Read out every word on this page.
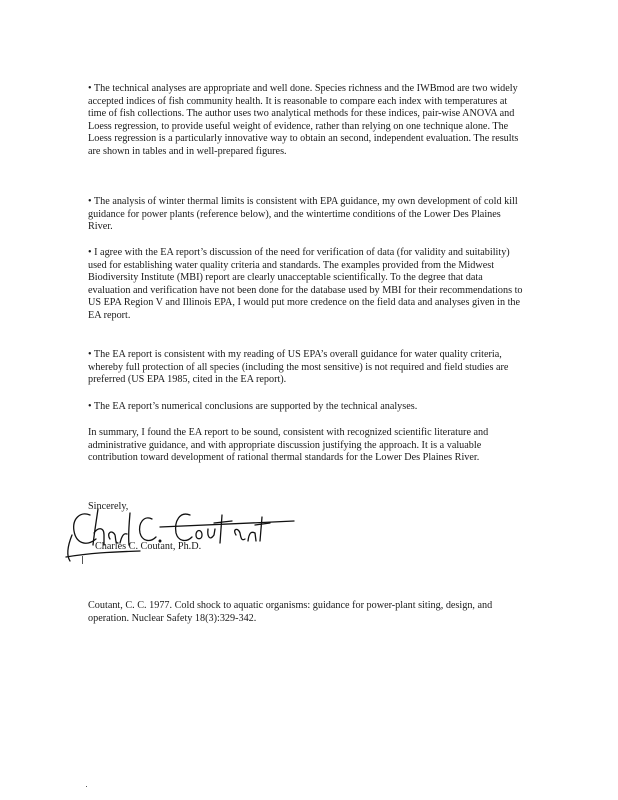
• The technical analyses are appropriate and well done. Species richness and the IWBmod are two widely accepted indices of fish community health. It is reasonable to compare each index with temperatures at time of fish collections. The author uses two analytical methods for these indices, pair-wise ANOVA and Loess regression, to provide useful weight of evidence, rather than relying on one technique alone. The Loess regression is a particularly innovative way to obtain an second, independent evaluation. The results are shown in tables and in well-prepared figures.

• The analysis of winter thermal limits is consistent with EPA guidance, my own development of cold kill guidance for power plants (reference below), and the wintertime conditions of the Lower Des Plaines River.

• I agree with the EA report’s discussion of the need for verification of data (for validity and suitability) used for establishing water quality criteria and standards. The examples provided from the Midwest Biodiversity Institute (MBI) report are clearly unacceptable scientifically. To the degree that data evaluation and verification have not been done for the database used by MBI for their recommendations to US EPA Region V and Illinois EPA, I would put more credence on the field data and analyses given in the EA report.

• The EA report is consistent with my reading of US EPA’s overall guidance for water quality criteria, whereby full protection of all species (including the most sensitive) is not required and field studies are preferred (US EPA 1985, cited in the EA report).

• The EA report’s numerical conclusions are supported by the technical analyses.

In summary, I found the EA report to be sound, consistent with recognized scientific literature and administrative guidance, and with appropriate discussion justifying the approach. It is a valuable contribution toward development of rational thermal standards for the Lower Des Plaines River.

Sincerely,
Charles C. Coutant, Ph.D.

Coutant, C. C. 1977. Cold shock to aquatic organisms: guidance for power-plant siting, design, and operation. Nuclear Safety 18(3):329-342.
